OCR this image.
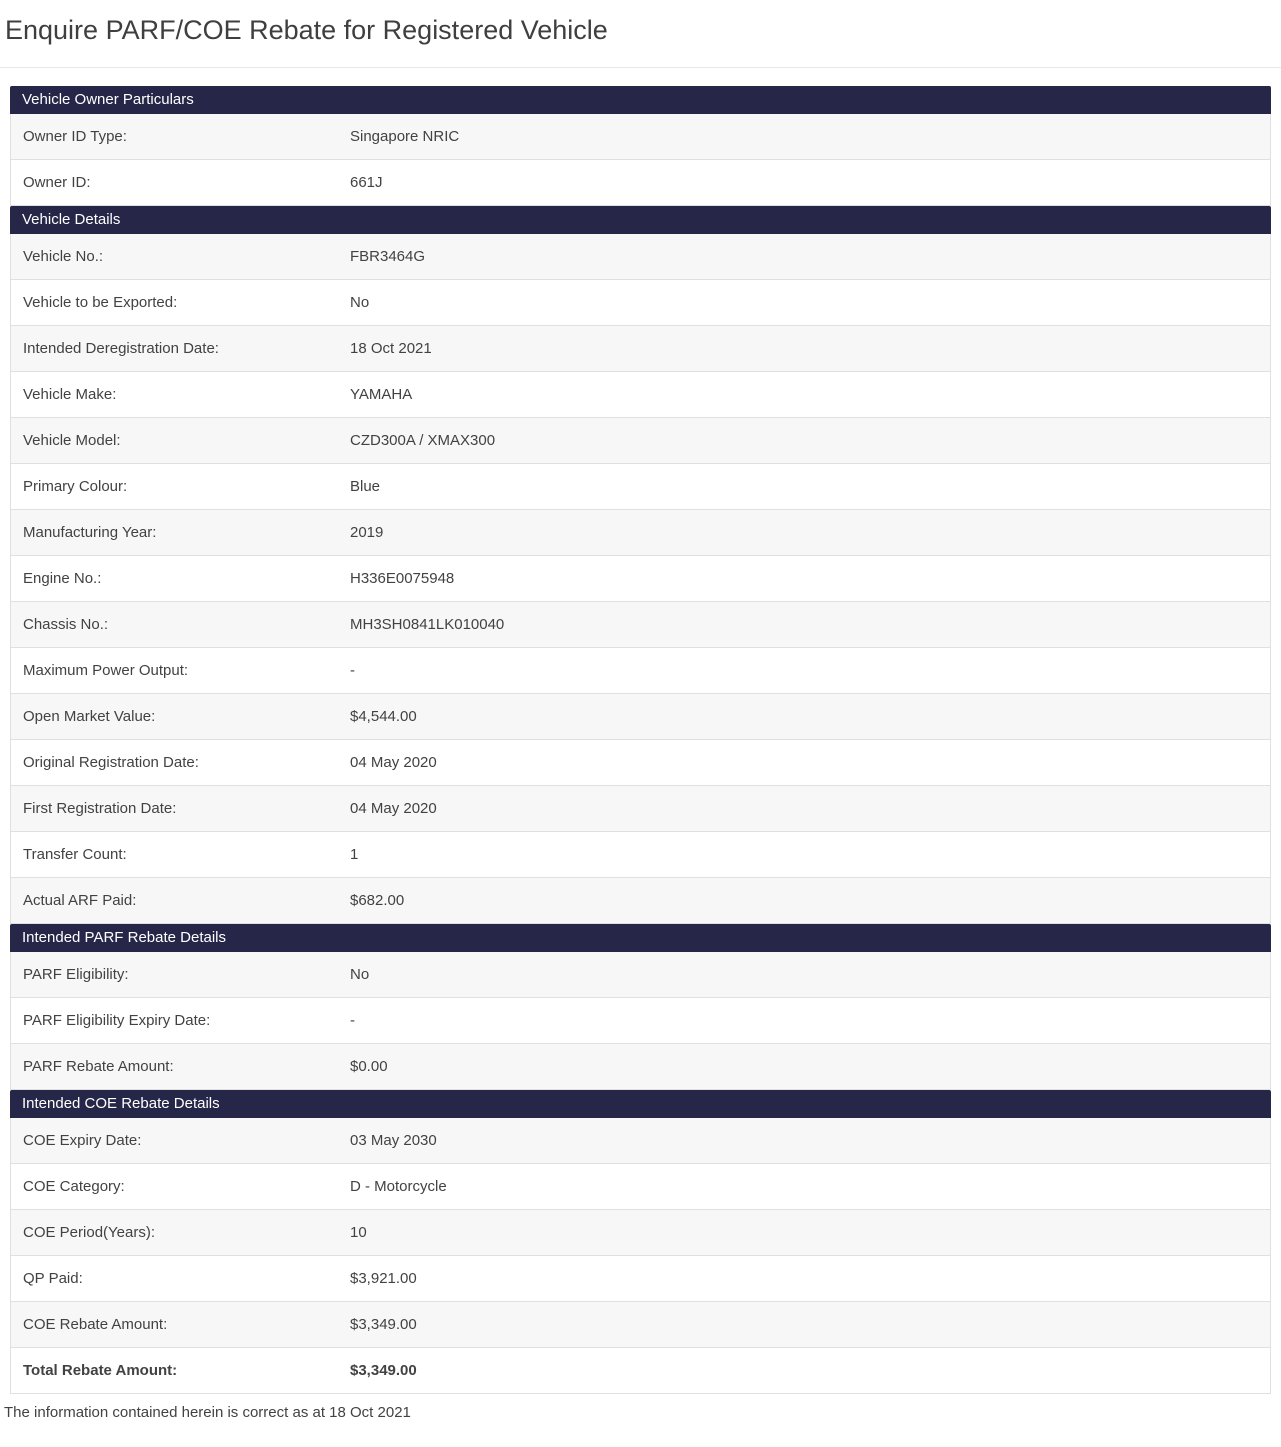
Enquire PARF/COE Rebate for Registered Vehicle
Vehicle Owner Particulars
Owner ID Type:	Singapore NRIC
Owner ID:	661J
Vehicle Details
Vehicle No.:	FBR3464G
Vehicle to be Exported:	No
Intended Deregistration Date:	18 Oct 2021
Vehicle Make:	YAMAHA
Vehicle Model:	CZD300A / XMAX300
Primary Colour:	Blue
Manufacturing Year:	2019
Engine No.:	H336E0075948
Chassis No.:	MH3SH0841LK010040
Maximum Power Output:	-
Open Market Value:	$4,544.00
Original Registration Date:	04 May 2020
First Registration Date:	04 May 2020
Transfer Count:	1
Actual ARF Paid:	$682.00
Intended PARF Rebate Details
PARF Eligibility:	No
PARF Eligibility Expiry Date:	-
PARF Rebate Amount:	$0.00
Intended COE Rebate Details
COE Expiry Date:	03 May 2030
COE Category:	D - Motorcycle
COE Period(Years):	10
QP Paid:	$3,921.00
COE Rebate Amount:	$3,349.00
Total Rebate Amount:	$3,349.00
The information contained herein is correct as at 18 Oct 2021
